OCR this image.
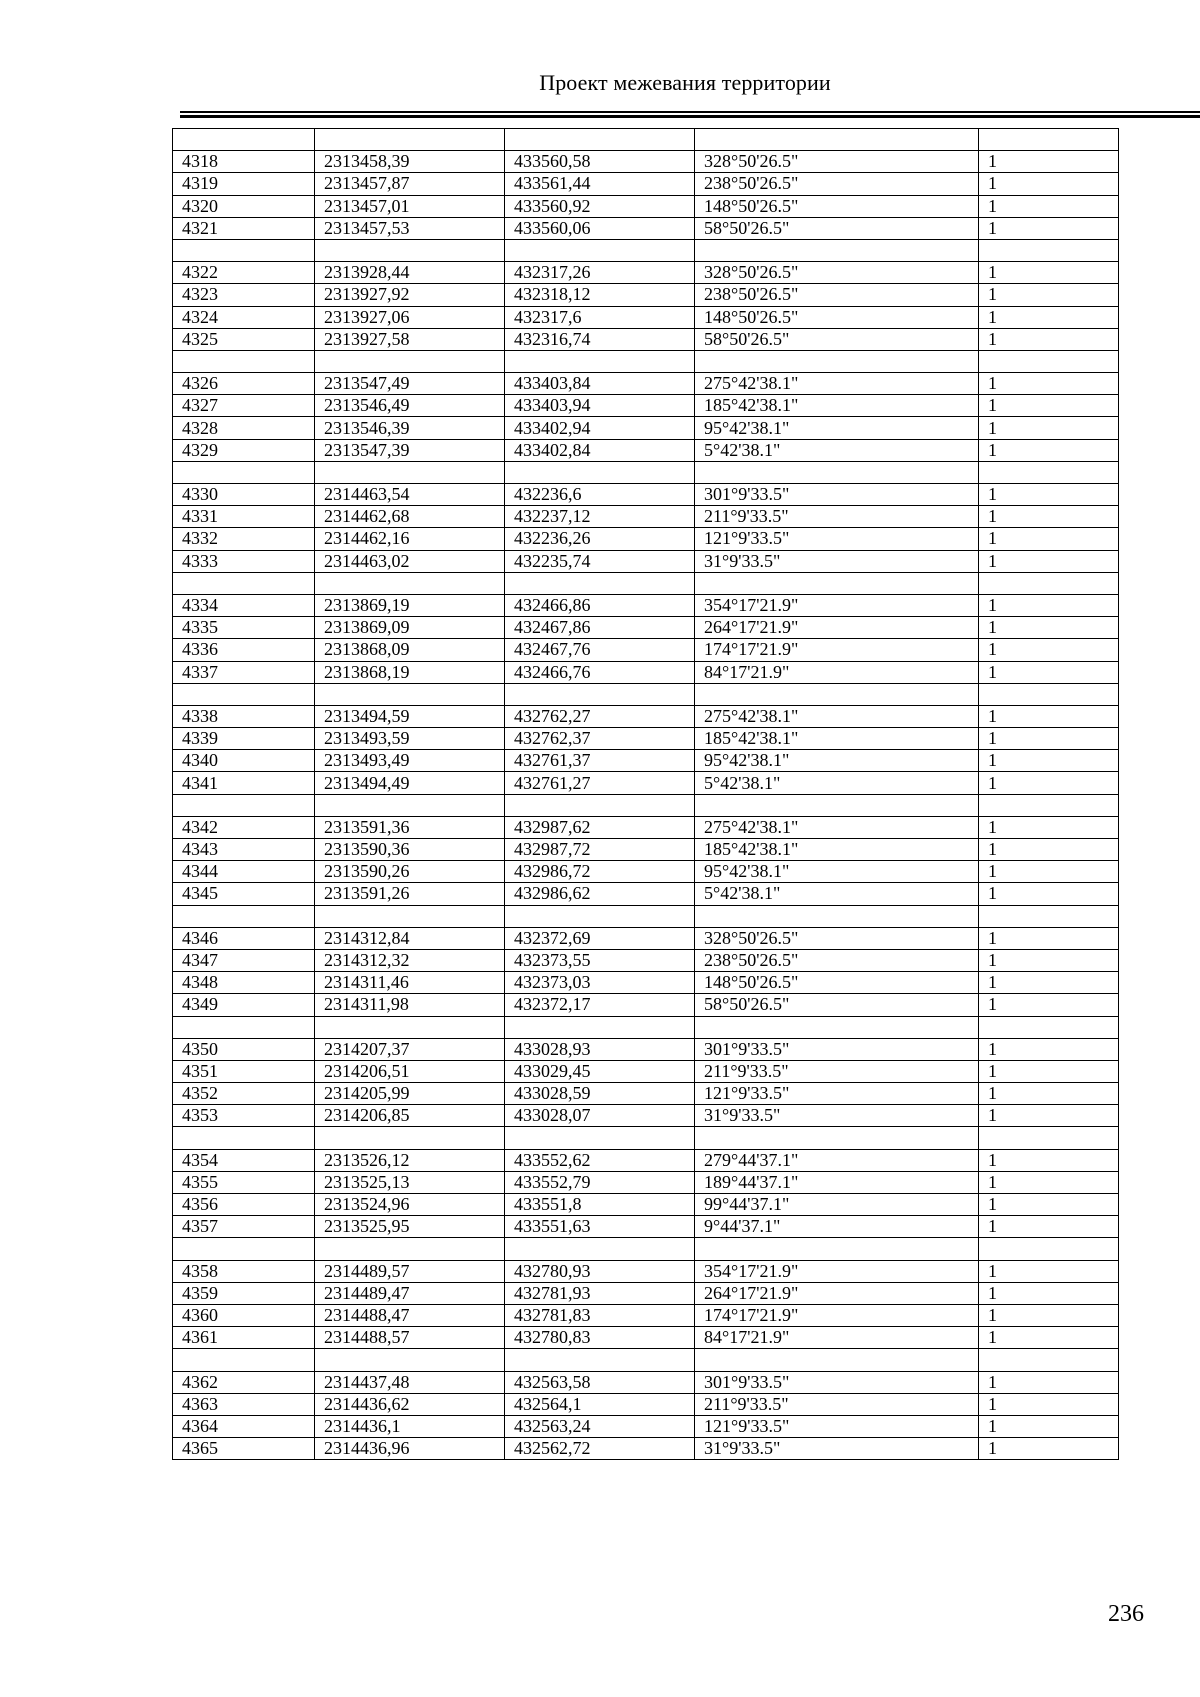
Проект межевания территории

4318	2313458,39	433560,58	328°50'26.5"	1
4319	2313457,87	433561,44	238°50'26.5"	1
4320	2313457,01	433560,92	148°50'26.5"	1
4321	2313457,53	433560,06	58°50'26.5"	1

4322	2313928,44	432317,26	328°50'26.5"	1
4323	2313927,92	432318,12	238°50'26.5"	1
4324	2313927,06	432317,6	148°50'26.5"	1
4325	2313927,58	432316,74	58°50'26.5"	1

4326	2313547,49	433403,84	275°42'38.1"	1
4327	2313546,49	433403,94	185°42'38.1"	1
4328	2313546,39	433402,94	95°42'38.1"	1
4329	2313547,39	433402,84	5°42'38.1"	1

4330	2314463,54	432236,6	301°9'33.5"	1
4331	2314462,68	432237,12	211°9'33.5"	1
4332	2314462,16	432236,26	121°9'33.5"	1
4333	2314463,02	432235,74	31°9'33.5"	1

4334	2313869,19	432466,86	354°17'21.9"	1
4335	2313869,09	432467,86	264°17'21.9"	1
4336	2313868,09	432467,76	174°17'21.9"	1
4337	2313868,19	432466,76	84°17'21.9"	1

4338	2313494,59	432762,27	275°42'38.1"	1
4339	2313493,59	432762,37	185°42'38.1"	1
4340	2313493,49	432761,37	95°42'38.1"	1
4341	2313494,49	432761,27	5°42'38.1"	1

4342	2313591,36	432987,62	275°42'38.1"	1
4343	2313590,36	432987,72	185°42'38.1"	1
4344	2313590,26	432986,72	95°42'38.1"	1
4345	2313591,26	432986,62	5°42'38.1"	1

4346	2314312,84	432372,69	328°50'26.5"	1
4347	2314312,32	432373,55	238°50'26.5"	1
4348	2314311,46	432373,03	148°50'26.5"	1
4349	2314311,98	432372,17	58°50'26.5"	1

4350	2314207,37	433028,93	301°9'33.5"	1
4351	2314206,51	433029,45	211°9'33.5"	1
4352	2314205,99	433028,59	121°9'33.5"	1
4353	2314206,85	433028,07	31°9'33.5"	1

4354	2313526,12	433552,62	279°44'37.1"	1
4355	2313525,13	433552,79	189°44'37.1"	1
4356	2313524,96	433551,8	99°44'37.1"	1
4357	2313525,95	433551,63	9°44'37.1"	1

4358	2314489,57	432780,93	354°17'21.9"	1
4359	2314489,47	432781,93	264°17'21.9"	1
4360	2314488,47	432781,83	174°17'21.9"	1
4361	2314488,57	432780,83	84°17'21.9"	1

4362	2314437,48	432563,58	301°9'33.5"	1
4363	2314436,62	432564,1	211°9'33.5"	1
4364	2314436,1	432563,24	121°9'33.5"	1
4365	2314436,96	432562,72	31°9'33.5"	1
236
